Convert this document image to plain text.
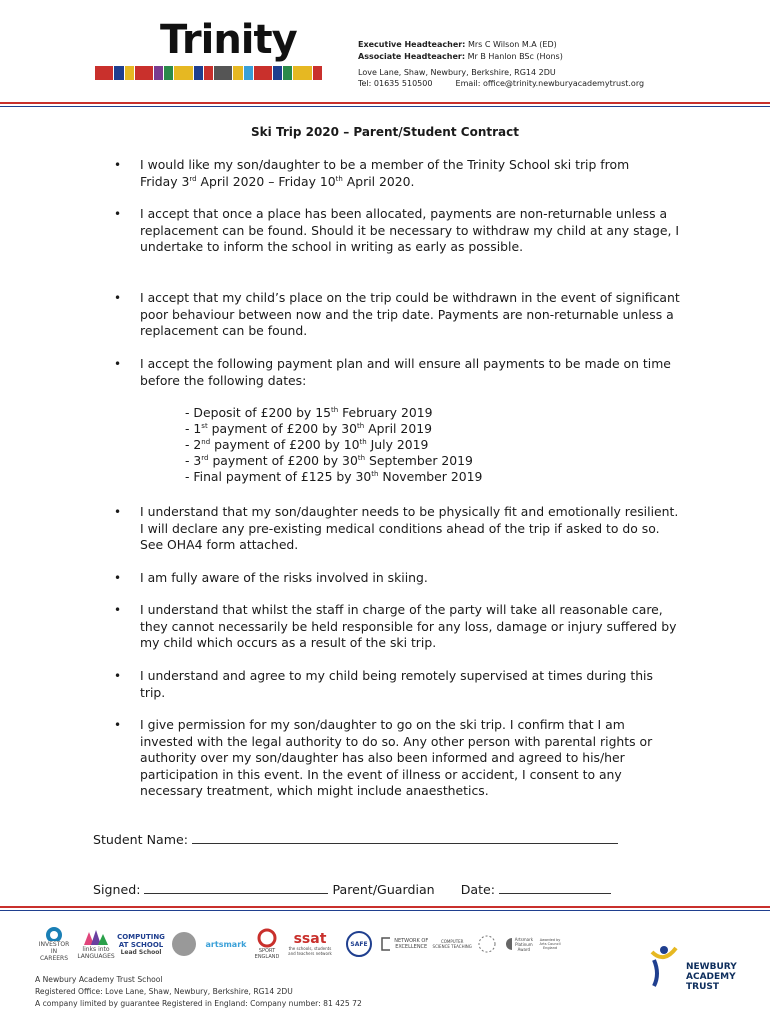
Trinity	Executive Headteacher: Mrs C Wilson M.A (ED)
Associate Headteacher: Mr B Hanlon BSc (Hons)
Love Lane, Shaw, Newbury, Berkshire, RG14 2DU
Tel: 01635 510500	Email: office@trinity.newburyacademytrust.org
Ski Trip 2020 – Parent/Student Contract
• I would like my son/daughter to be a member of the Trinity School ski trip from
Friday 3rd April 2020 – Friday 10th April 2020.
• I accept that once a place has been allocated, payments are non-returnable unless a replacement can be found. Should it be necessary to withdraw my child at any stage, I undertake to inform the school in writing as early as possible.
• I accept that my child’s place on the trip could be withdrawn in the event of significant poor behaviour between now and the trip date. Payments are non-returnable unless a replacement can be found.
• I accept the following payment plan and will ensure all payments to be made on time before the following dates:
- Deposit of £200 by 15th February 2019
- 1st payment of £200 by 30th April 2019
- 2nd payment of £200 by 10th July 2019
- 3rd payment of £200 by 30th September 2019
- Final payment of £125 by 30th November 2019
• I understand that my son/daughter needs to be physically fit and emotionally resilient. I will declare any pre-existing medical conditions ahead of the trip if asked to do so. See OHA4 form attached.
• I am fully aware of the risks involved in skiing.
• I understand that whilst the staff in charge of the party will take all reasonable care, they cannot necessarily be held responsible for any loss, damage or injury suffered by my child which occurs as a result of the ski trip.
• I understand and agree to my child being remotely supervised at times during this trip.
• I give permission for my son/daughter to go on the ski trip. I confirm that I am invested with the legal authority to do so. Any other person with parental rights or authority over my son/daughter has also been informed and agreed to his/her participation in this event. In the event of illness or accident, I consent to any necessary treatment, which might include anaesthetics.
Student Name:
Signed:	Parent/Guardian Date:
INVESTOR IN CAREERS
links into LANGUAGES
COMPUTING AT SCHOOL
Lead School
artsmark
SPORT ENGLAND
ssat
the schools, students and teachers network
SAFE	NETWORK OF EXCELLENCE
COMPUTER SCIENCE TEACHING
Artsmark Platinum Award
Awarded by Arts Council England
NEWBURY
ACADEMY
TRUST
A Newbury Academy Trust School
Registered Office: Love Lane, Shaw, Newbury, Berkshire, RG14 2DU
A company limited by guarantee Registered in England: Company number: 81 425 72
